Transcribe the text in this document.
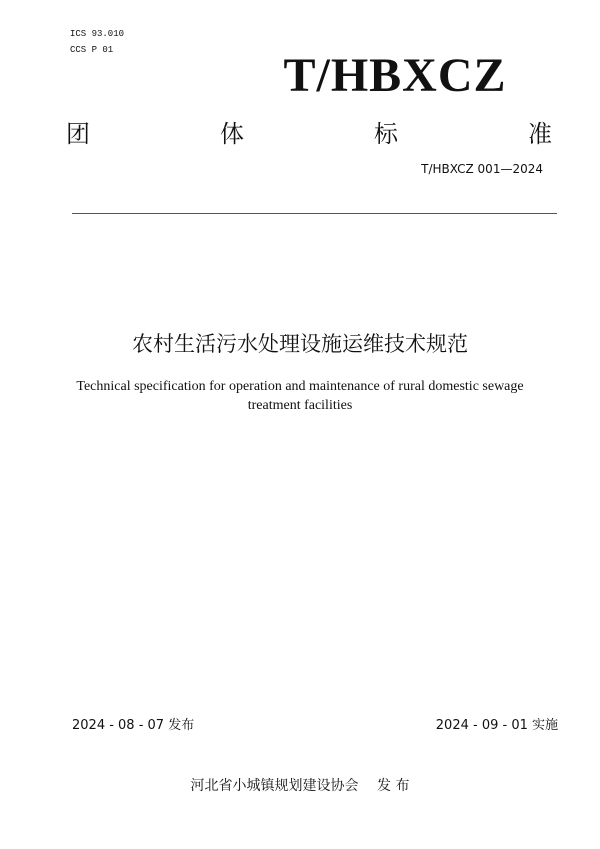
ICS 93.010
CCS P 01	T/HBXCZ
团	体	标	准
T/HBXCZ 001—2024
农村生活污水处理设施运维技术规范
Technical specification for operation and maintenance of rural domestic sewage
treatment facilities
2024 - 08 - 07 发布	2024 - 09 - 01 实施
河北省小城镇规划建设协会　 发 布
